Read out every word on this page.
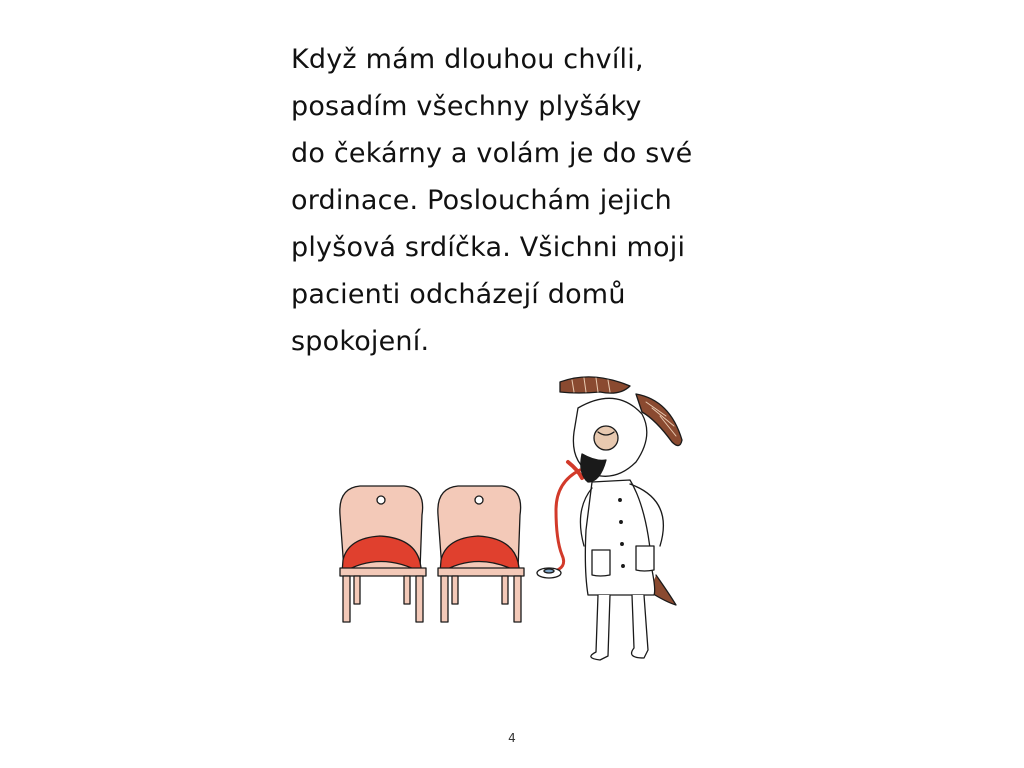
Když mám dlouhou chvíli,
posadím všechny plyšáky
do čekárny a volám je do své
ordinace. Poslouchám jejich
plyšová srdíčka. Všichni moji
pacienti odcházejí domů
spokojení.
4
